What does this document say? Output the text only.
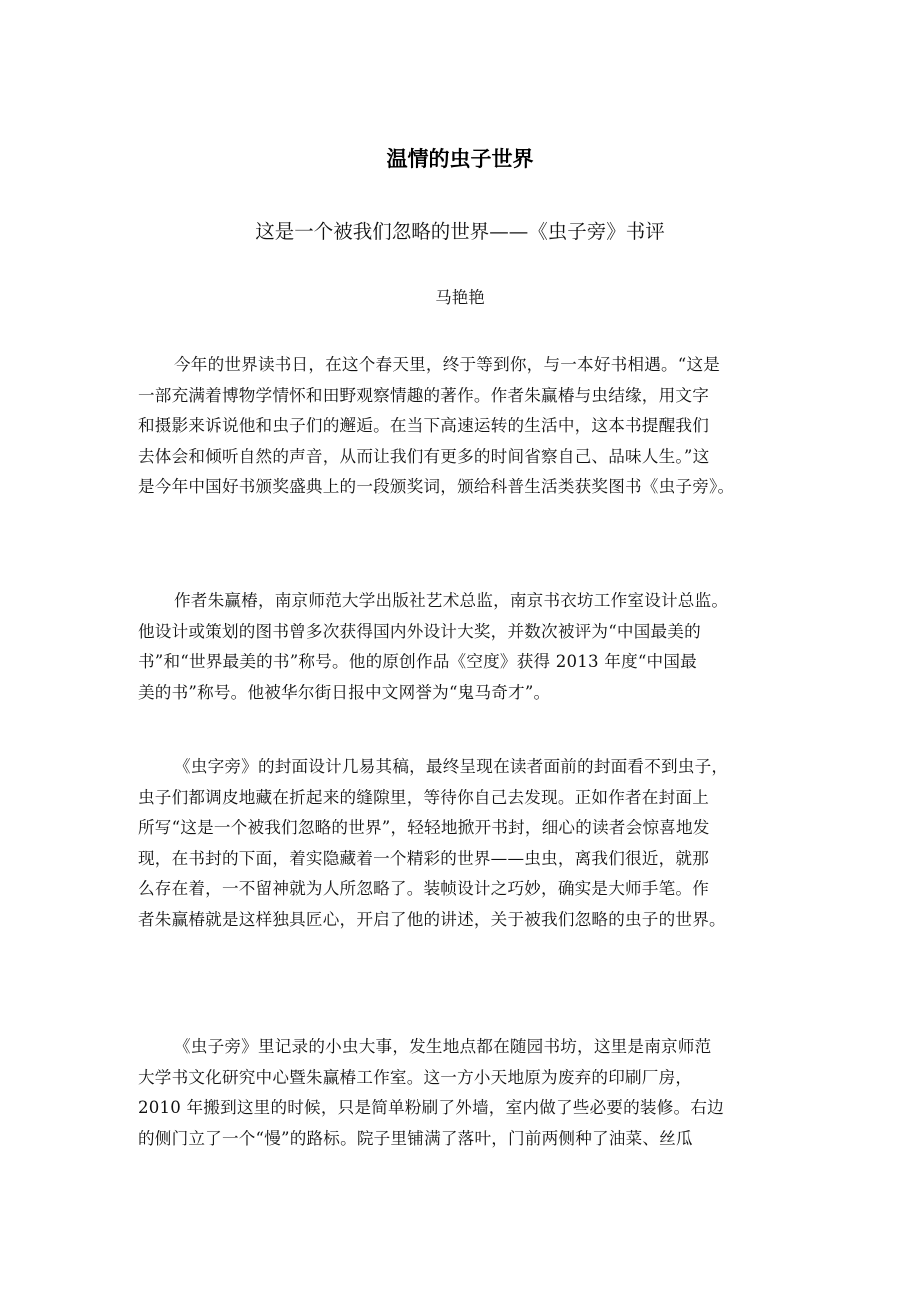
温情的虫子世界
这是一个被我们忽略的世界——《虫子旁》书评
马艳艳
今年的世界读书日，在这个春天里，终于等到你，与一本好书相遇。“这是
一部充满着博物学情怀和田野观察情趣的著作。作者朱赢椿与虫结缘，用文字
和摄影来诉说他和虫子们的邂逅。在当下高速运转的生活中，这本书提醒我们
去体会和倾听自然的声音，从而让我们有更多的时间省察自己、品味人生。”这
是今年中国好书颁奖盛典上的一段颁奖词，颁给科普生活类获奖图书《虫子旁》。
作者朱赢椿，南京师范大学出版社艺术总监，南京书衣坊工作室设计总监。
他设计或策划的图书曾多次获得国内外设计大奖，并数次被评为“中国最美的
书”和“世界最美的书”称号。他的原创作品《空度》获得 2013 年度“中国最
美的书”称号。他被华尔街日报中文网誉为“鬼马奇才”。
《虫字旁》的封面设计几易其稿，最终呈现在读者面前的封面看不到虫子，
虫子们都调皮地藏在折起来的缝隙里，等待你自己去发现。正如作者在封面上
所写“这是一个被我们忽略的世界”，轻轻地掀开书封，细心的读者会惊喜地发
现，在书封的下面，着实隐藏着一个精彩的世界——虫虫，离我们很近，就那
么存在着，一不留神就为人所忽略了。装帧设计之巧妙，确实是大师手笔。作
者朱赢椿就是这样独具匠心，开启了他的讲述，关于被我们忽略的虫子的世界。
《虫子旁》里记录的小虫大事，发生地点都在随园书坊，这里是南京师范
大学书文化研究中心暨朱赢椿工作室。这一方小天地原为废弃的印刷厂房，
2010 年搬到这里的时候，只是简单粉刷了外墙，室内做了些必要的装修。右边
的侧门立了一个“慢”的路标。院子里铺满了落叶，门前两侧种了油菜、丝瓜
